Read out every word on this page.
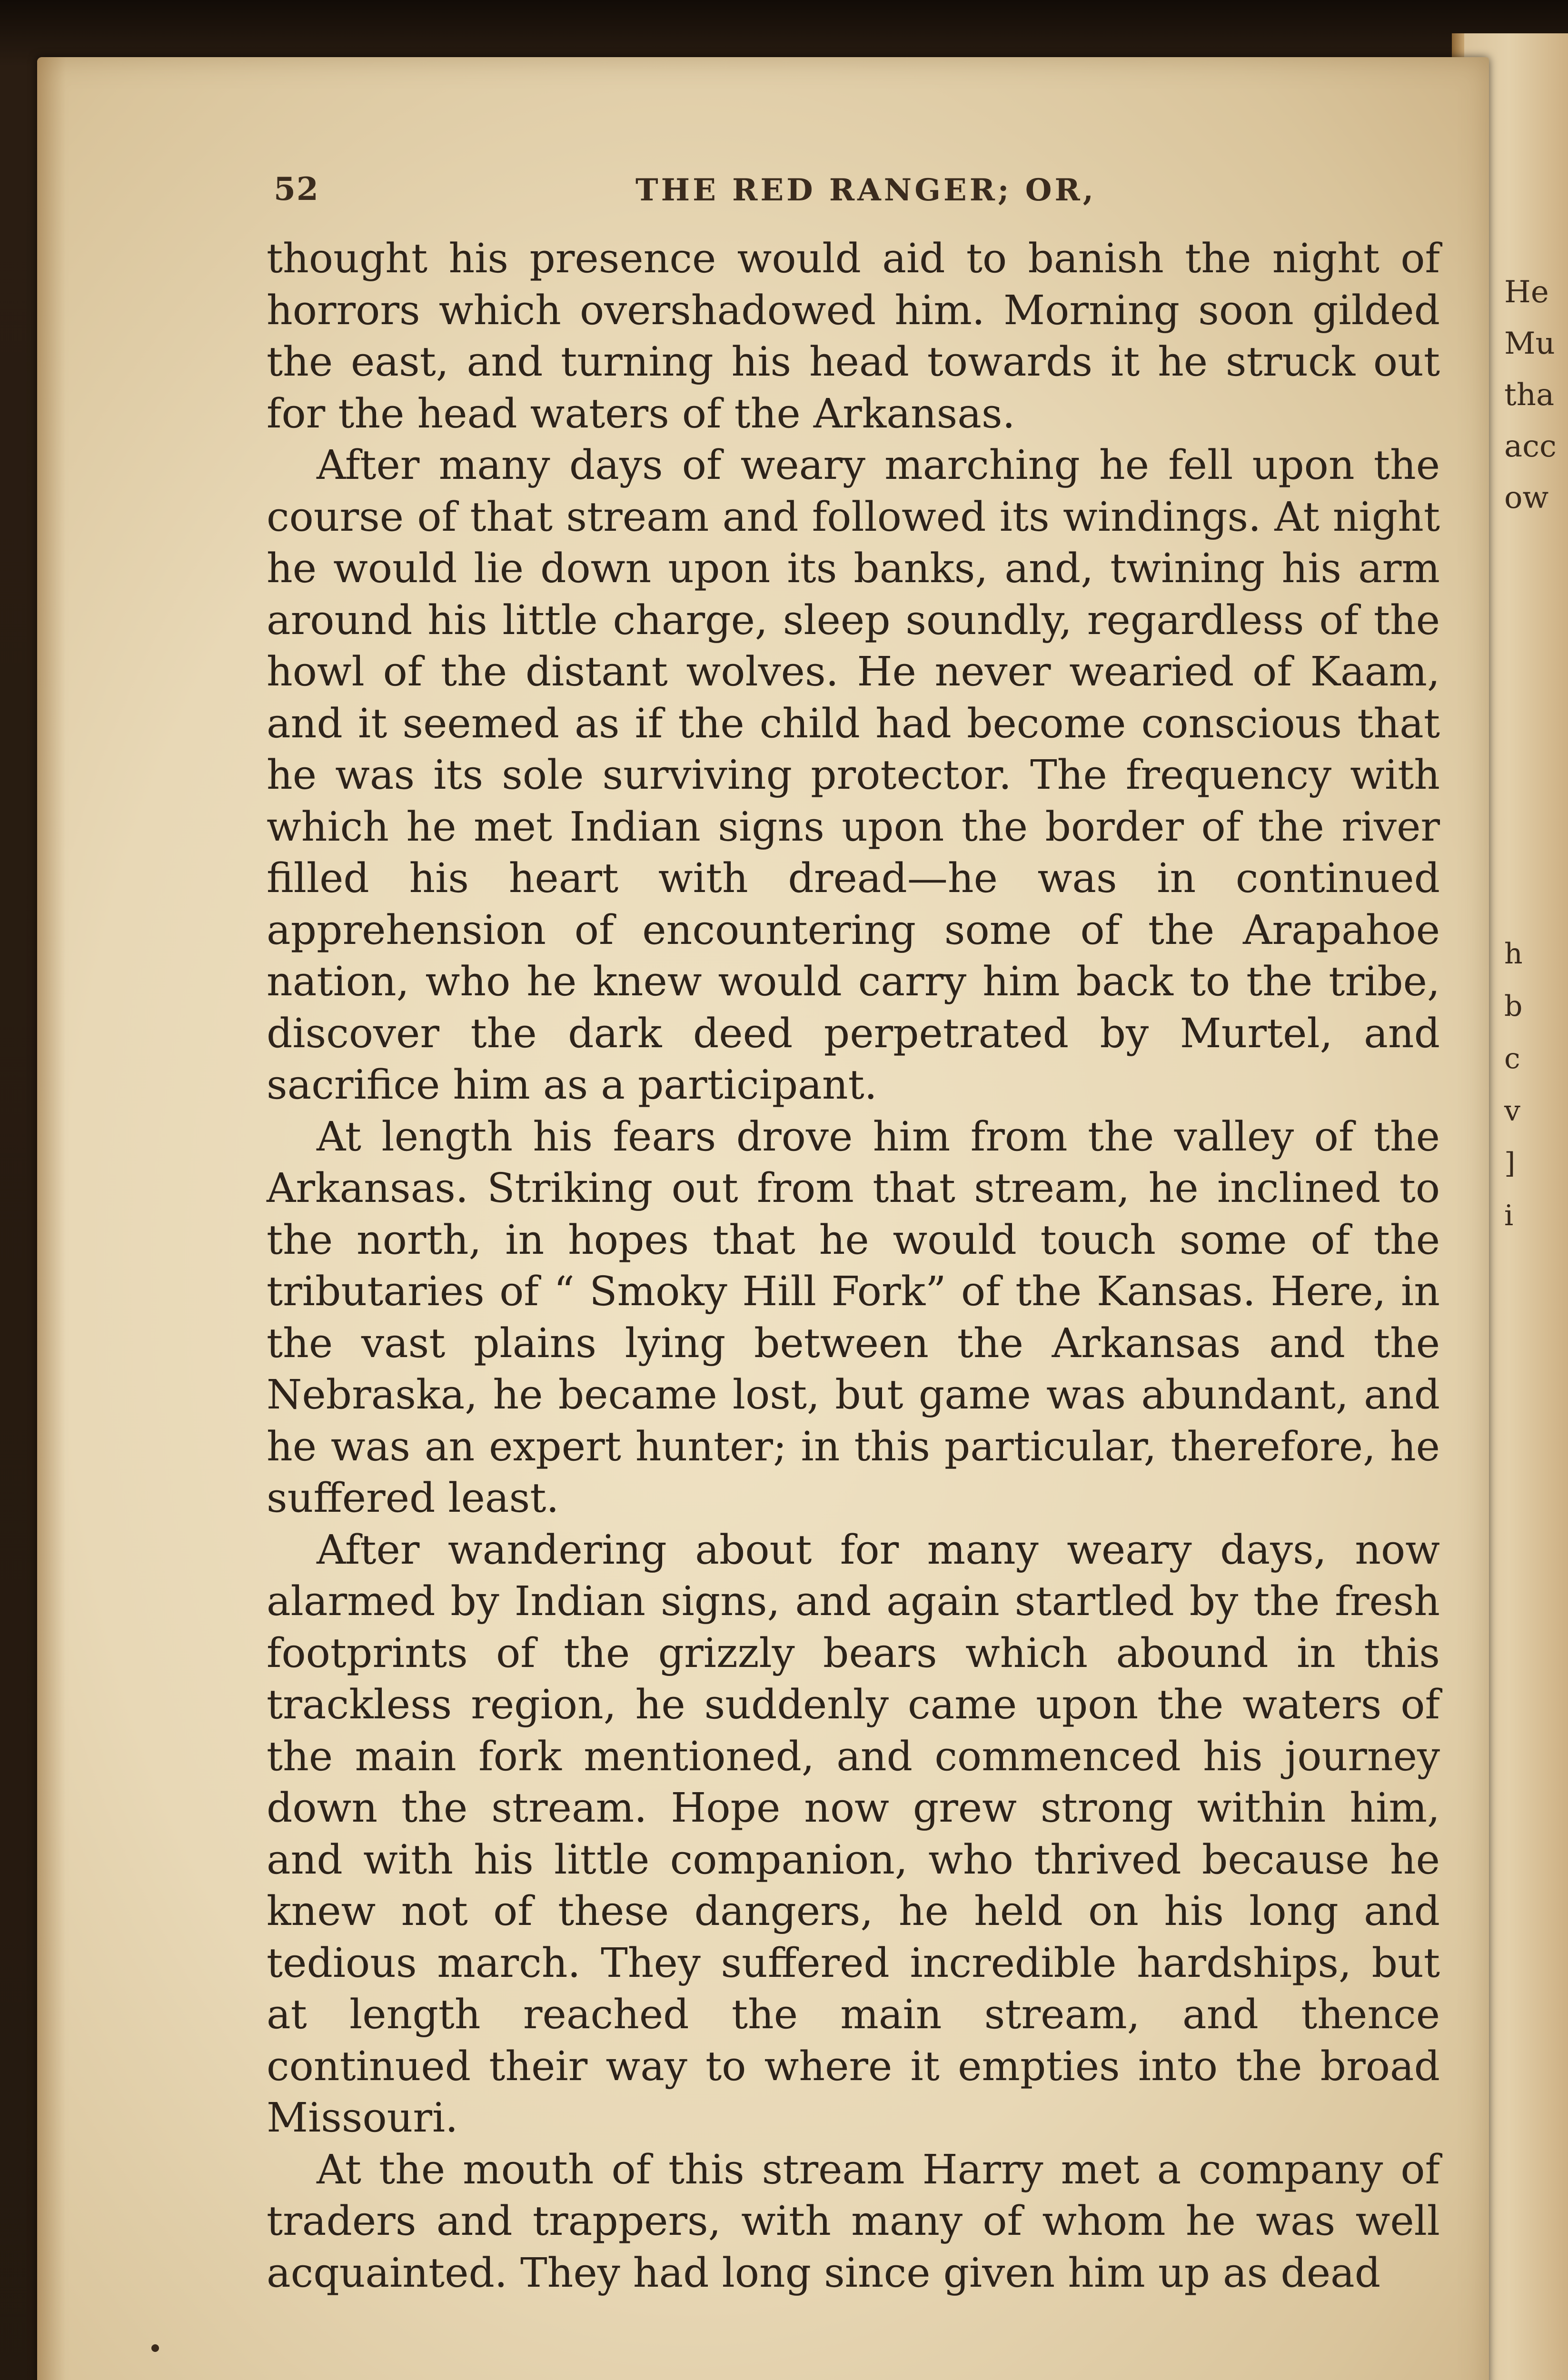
He
Mu
tha
acc
ow
h
b
c
v
]
i
52	THE RED RANGER; OR,

thought his presence would aid to banish the night of horrors which overshadowed him. Morning soon gilded the east, and turning his head towards it he struck out for the head waters of the Arkansas.

After many days of weary marching he fell upon the course of that stream and followed its windings. At night he would lie down upon its banks, and, twining his arm around his little charge, sleep soundly, regardless of the howl of the distant wolves. He never wearied of Kaam, and it seemed as if the child had become conscious that he was its sole surviving protector. The frequency with which he met Indian signs upon the border of the river filled his heart with dread—he was in continued apprehension of encountering some of the Arapahoe nation, who he knew would carry him back to the tribe, discover the dark deed perpetrated by Murtel, and sacrifice him as a participant.

At length his fears drove him from the valley of the Arkansas. Striking out from that stream, he inclined to the north, in hopes that he would touch some of the tributaries of “ Smoky Hill Fork” of the Kansas. Here, in the vast plains lying between the Arkansas and the Nebraska, he became lost, but game was abundant, and he was an expert hunter; in this particular, therefore, he suffered least.

After wandering about for many weary days, now alarmed by Indian signs, and again startled by the fresh footprints of the grizzly bears which abound in this trackless region, he suddenly came upon the waters of the main fork mentioned, and commenced his journey down the stream. Hope now grew strong within him, and with his little companion, who thrived because he knew not of these dangers, he held on his long and tedious march. They suffered incredible hardships, but at length reached the main stream, and thence continued their way to where it empties into the broad Missouri.

At the mouth of this stream Harry met a company of traders and trappers, with many of whom he was well acquainted. They had long since given him up as dead
